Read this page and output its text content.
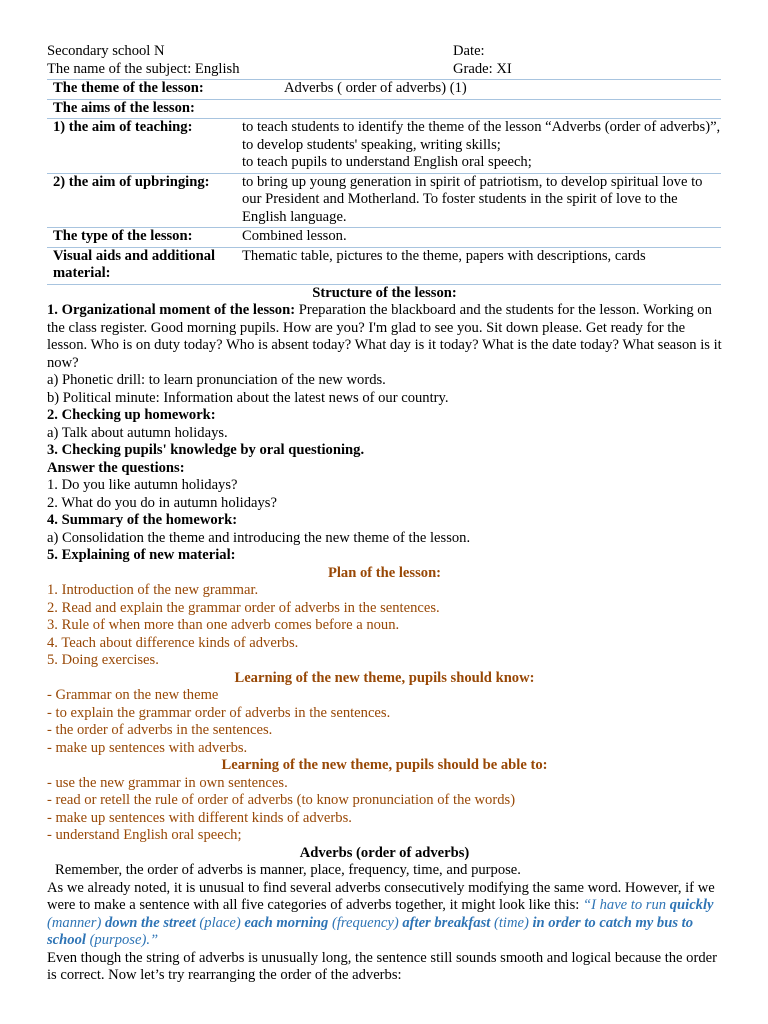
Secondary school N	Date:
The name of the subject: English	Grade: XI
The theme of the lesson:	Adverbs ( order of adverbs) (1)
The aims of the lesson:	
1) the aim of teaching:	to teach students to identify the theme of the lesson “Adverbs (order of adverbs)”, to develop students' speaking, writing skills;
to teach pupils to understand English oral speech;

2) the aim of upbringing:	to bring up young generation in spirit of patriotism, to develop spiritual love to our President and Motherland. To foster students in the spirit of love to the English language.
The type of the lesson:	Combined lesson.
Visual aids and additional material:	Thematic table, pictures to the theme, papers with descriptions, cards

Structure of the lesson:

1. Organizational moment of the lesson: Preparation the blackboard and the students for the lesson. Working on the class register. Good morning pupils. How are you? I'm glad to see you. Sit down please. Get ready for the lesson. Who is on duty today? Who is absent today? What day is it today? What is the date today? What season is it now?

a) Phonetic drill: to learn pronunciation of the new words.

b) Political minute: Information about the latest news of our country.

2. Checking up homework:

a) Talk about autumn holidays.

3. Checking pupils' knowledge by oral questioning.

Answer the questions:

1. Do you like autumn holidays?

2. What do you do in autumn holidays?

4. Summary of the homework:

a) Consolidation the theme and introducing the new theme of the lesson.

5. Explaining of new material:

Plan of the lesson:

1. Introduction of the new grammar.

2. Read and explain the grammar order of adverbs in the sentences.

3. Rule of when more than one adverb comes before a noun.

4. Teach about difference kinds of adverbs.

5. Doing exercises.

Learning of the new theme, pupils should know:

- Grammar on the new theme

- to explain the grammar order of adverbs in the sentences.

- the order of adverbs in the sentences.

- make up sentences with adverbs.

Learning of the new theme, pupils should be able to:

- use the new grammar in own sentences.

- read or retell the rule of order of adverbs (to know pronunciation of the words)

- make up sentences with different kinds of adverbs.

- understand English oral speech;

Adverbs (order of adverbs)

Remember, the order of adverbs is manner, place, frequency, time, and purpose.

As we already noted, it is unusual to find several adverbs consecutively modifying the same word. However, if we were to make a sentence with all five categories of adverbs together, it might look like this: “I have to run quickly (manner) down the street (place) each morning (frequency) after breakfast (time) in order to catch my bus to school (purpose).”

Even though the string of adverbs is unusually long, the sentence still sounds smooth and logical because the order is correct. Now let’s try rearranging the order of the adverbs:
